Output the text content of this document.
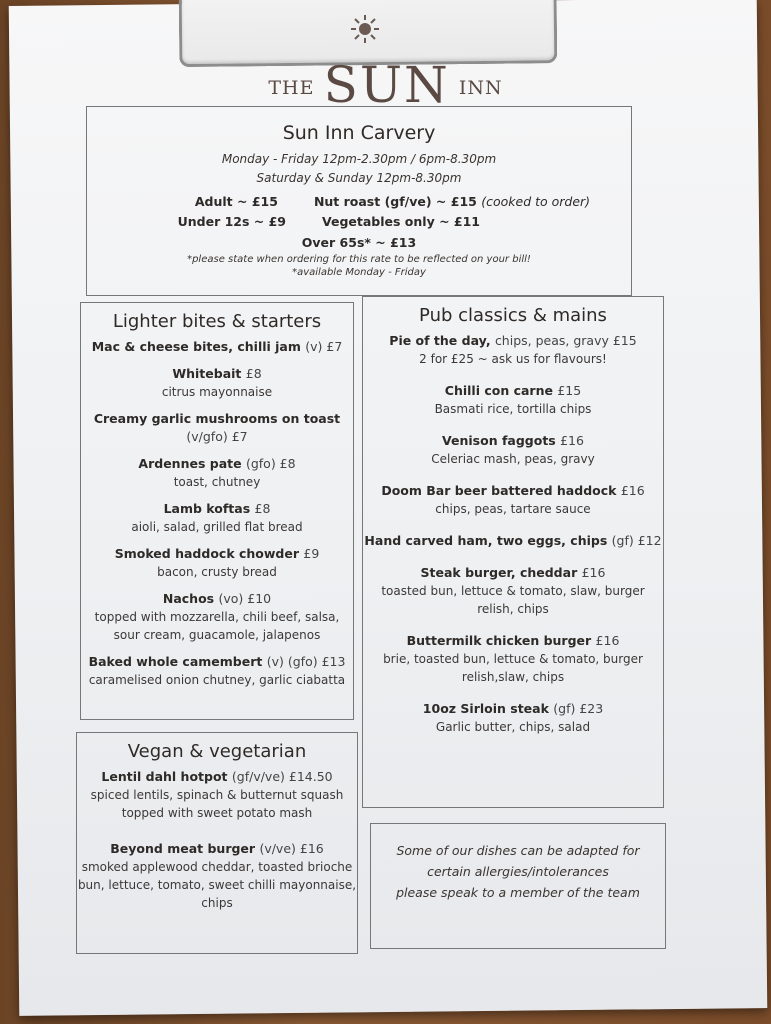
THE SUN INN
Sun Inn Carvery
Monday - Friday 12pm-2.30pm / 6pm-8.30pm
Saturday & Sunday 12pm-8.30pm
Adult ~ £15	Nut roast (gf/ve) ~ £15 (cooked to order)
Under 12s ~ £9	Vegetables only ~ £11
Over 65s* ~ £13
*please state when ordering for this rate to be reflected on your bill!
*available Monday - Friday
Lighter bites & starters
Mac & cheese bites, chilli jam (v) £7
Whitebait £8
citrus mayonnaise
Creamy garlic mushrooms on toast (v/gfo) £7
Ardennes pate (gfo) £8
toast, chutney
Lamb koftas £8
aioli, salad, grilled flat bread
Smoked haddock chowder £9
bacon, crusty bread
Nachos (vo) £10
topped with mozzarella, chili beef, salsa, sour cream, guacamole, jalapenos
Baked whole camembert (v) (gfo) £13
caramelised onion chutney, garlic ciabatta
Pub classics & mains
Pie of the day, chips, peas, gravy £15
2 for £25 ~ ask us for flavours!
Chilli con carne £15
Basmati rice, tortilla chips
Venison faggots £16
Celeriac mash, peas, gravy
Doom Bar beer battered haddock £16
chips, peas, tartare sauce
Hand carved ham, two eggs, chips (gf) £12
Steak burger, cheddar £16
toasted bun, lettuce & tomato, slaw, burger relish, chips
Buttermilk chicken burger £16
brie, toasted bun, lettuce & tomato, burger relish,slaw, chips
10oz Sirloin steak (gf) £23
Garlic butter, chips, salad
Vegan & vegetarian
Lentil dahl hotpot (gf/v/ve) £14.50
spiced lentils, spinach & butternut squash topped with sweet potato mash
Beyond meat burger (v/ve) £16
smoked applewood cheddar, toasted brioche bun, lettuce, tomato, sweet chilli mayonnaise, chips
Some of our dishes can be adapted for
certain allergies/intolerances
please speak to a member of the team
